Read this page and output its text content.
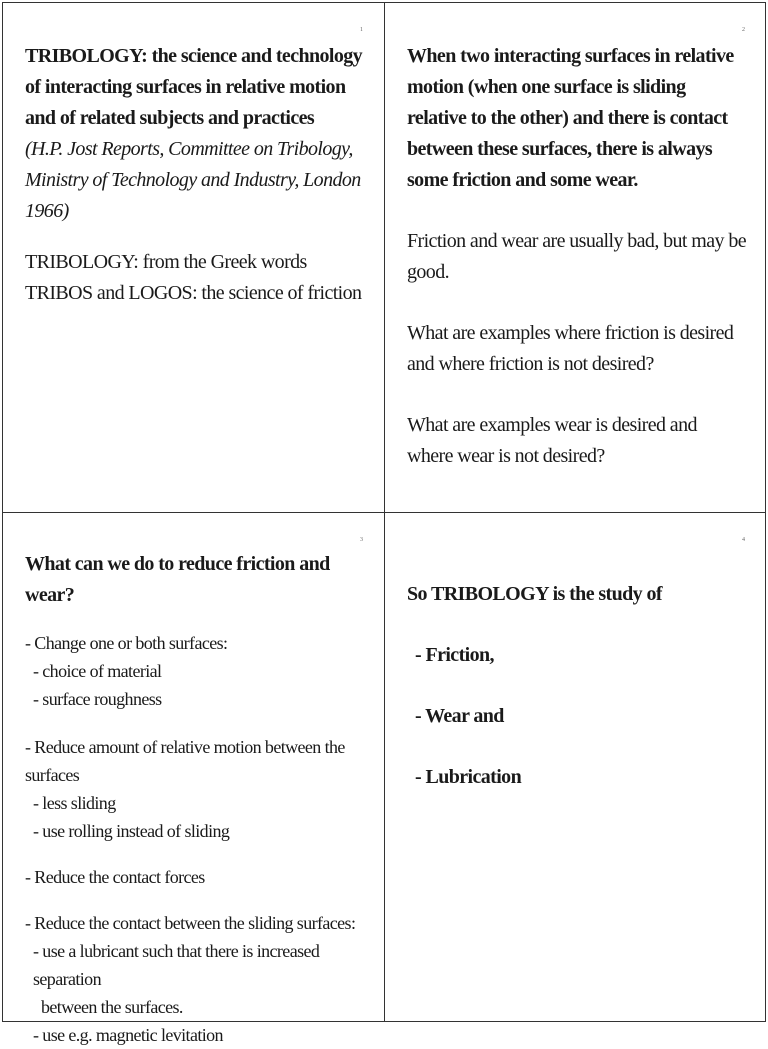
1

TRIBOLOGY: the science and technology of interacting surfaces in relative motion and of related subjects and practices

(H.P. Jost Reports, Committee on Tribology, Ministry of Technology and Industry, London 1966)

TRIBOLOGY: from the Greek words TRIBOS and LOGOS: the science of friction

2

When two interacting surfaces in relative motion (when one surface is sliding relative to the other) and there is contact between these surfaces, there is always some friction and some wear.

Friction and wear are usually bad, but may be good.

What are examples where friction is desired and where friction is not desired?

What are examples wear is desired and where wear is not desired?

3

What can we do to reduce friction and wear?

- Change one or both surfaces:

- choice of material

- surface roughness

- Reduce amount of relative motion between the surfaces

- less sliding

- use rolling instead of sliding

- Reduce the contact forces

- Reduce the contact between the sliding surfaces:

- use a lubricant such that there is increased separation

between the surfaces.

- use e.g. magnetic levitation

4

So TRIBOLOGY is the study of

- Friction,

- Wear and

- Lubrication
